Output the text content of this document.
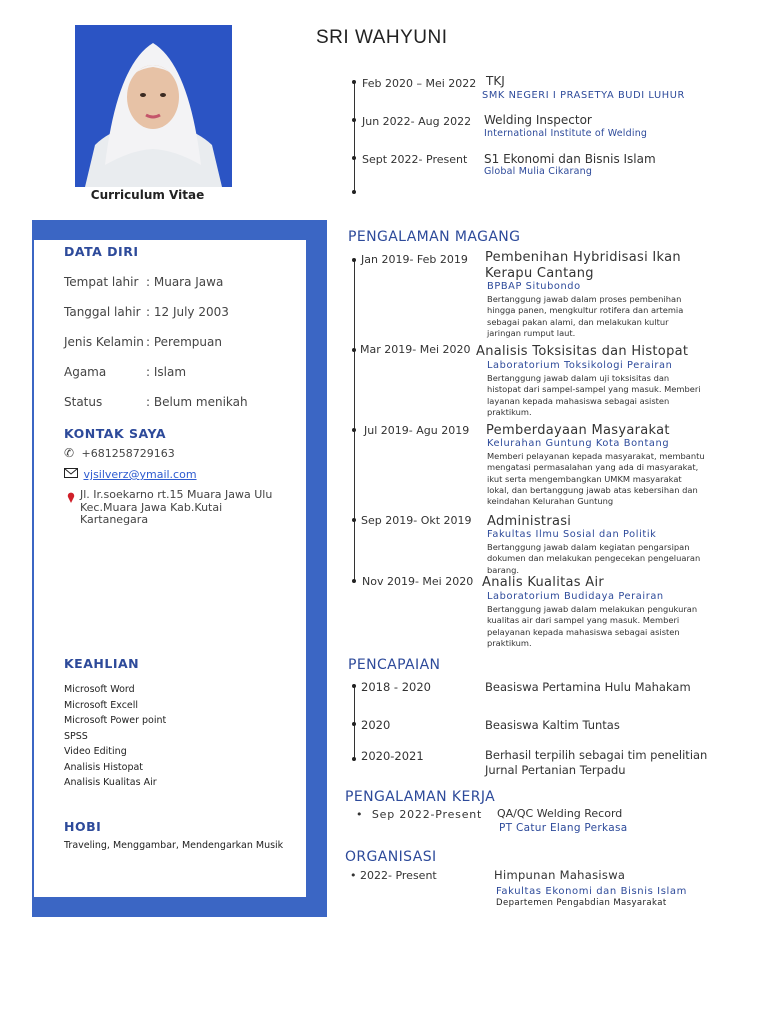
Curriculum Vitae
SRI WAHYUNI
Feb 2020 – Mei 2022 TKJ
SMK NEGERI I PRASETYA BUDI LUHUR
Jun 2022- Aug 2022 Welding Inspector
International Institute of Welding
Sept 2022- Present S1 Ekonomi dan Bisnis Islam
Global Mulia Cikarang
DATA DIRI
Tempat lahir : Muara Jawa
Tanggal lahir : 12 July 2003
Jenis Kelamin : Perempuan
Agama	: Islam
Status	: Belum menikah
KONTAK SAYA
✆ +681258729163
vjsilverz@ymail.com
Jl. Ir.soekarno rt.15 Muara Jawa Ulu
Kec.Muara Jawa Kab.Kutai
Kartanegara
KEAHLIAN
Microsoft Word
Microsoft Excell
Microsoft Power point
SPSS
Video Editing
Analisis Histopat
Analisis Kualitas Air
HOBI
Traveling, Menggambar, Mendengarkan Musik
PENGALAMAN MAGANG
Jan 2019- Feb 2019 Pembenihan Hybridisasi Ikan
Kerapu Cantang
BPBAP Situbondo
Bertanggung jawab dalam proses pembenihan
hingga panen, mengkultur rotifera dan artemia
sebagai pakan alami, dan melakukan kultur
jaringan rumput laut.
Mar 2019- Mei 2020 Analisis Toksisitas dan Histopat
Laboratorium Toksikologi Perairan
Bertanggung jawab dalam uji toksisitas dan
histopat dari sampel-sampel yang masuk. Memberi
layanan kepada mahasiswa sebagai asisten
praktikum.
Jul 2019- Agu 2019 Pemberdayaan Masyarakat
Kelurahan Guntung Kota Bontang
Memberi pelayanan kepada masyarakat, membantu
mengatasi permasalahan yang ada di masyarakat,
ikut serta mengembangkan UMKM masyarakat
lokal, dan bertanggung jawab atas kebersihan dan
keindahan Kelurahan Guntung
Sep 2019- Okt 2019 Administrasi
Fakultas Ilmu Sosial dan Politik
Bertanggung jawab dalam kegiatan pengarsipan
dokumen dan melakukan pengecekan pengeluaran
barang.
Nov 2019- Mei 2020 Analis Kualitas Air
Laboratorium Budidaya Perairan
Bertanggung jawab dalam melakukan pengukuran
kualitas air dari sampel yang masuk. Memberi
pelayanan kepada mahasiswa sebagai asisten
praktikum.
PENCAPAIAN
2018 - 2020	Beasiswa Pertamina Hulu Mahakam
2020	Beasiswa Kaltim Tuntas
2020-2021	Berhasil terpilih sebagai tim penelitian
Jurnal Pertanian Terpadu
PENGALAMAN KERJA
•  Sep 2022-Present QA/QC Welding Record
PT Catur Elang Perkasa
ORGANISASI
• 2022- Present	Himpunan Mahasiswa
Fakultas Ekonomi dan Bisnis Islam
Departemen Pengabdian Masyarakat
